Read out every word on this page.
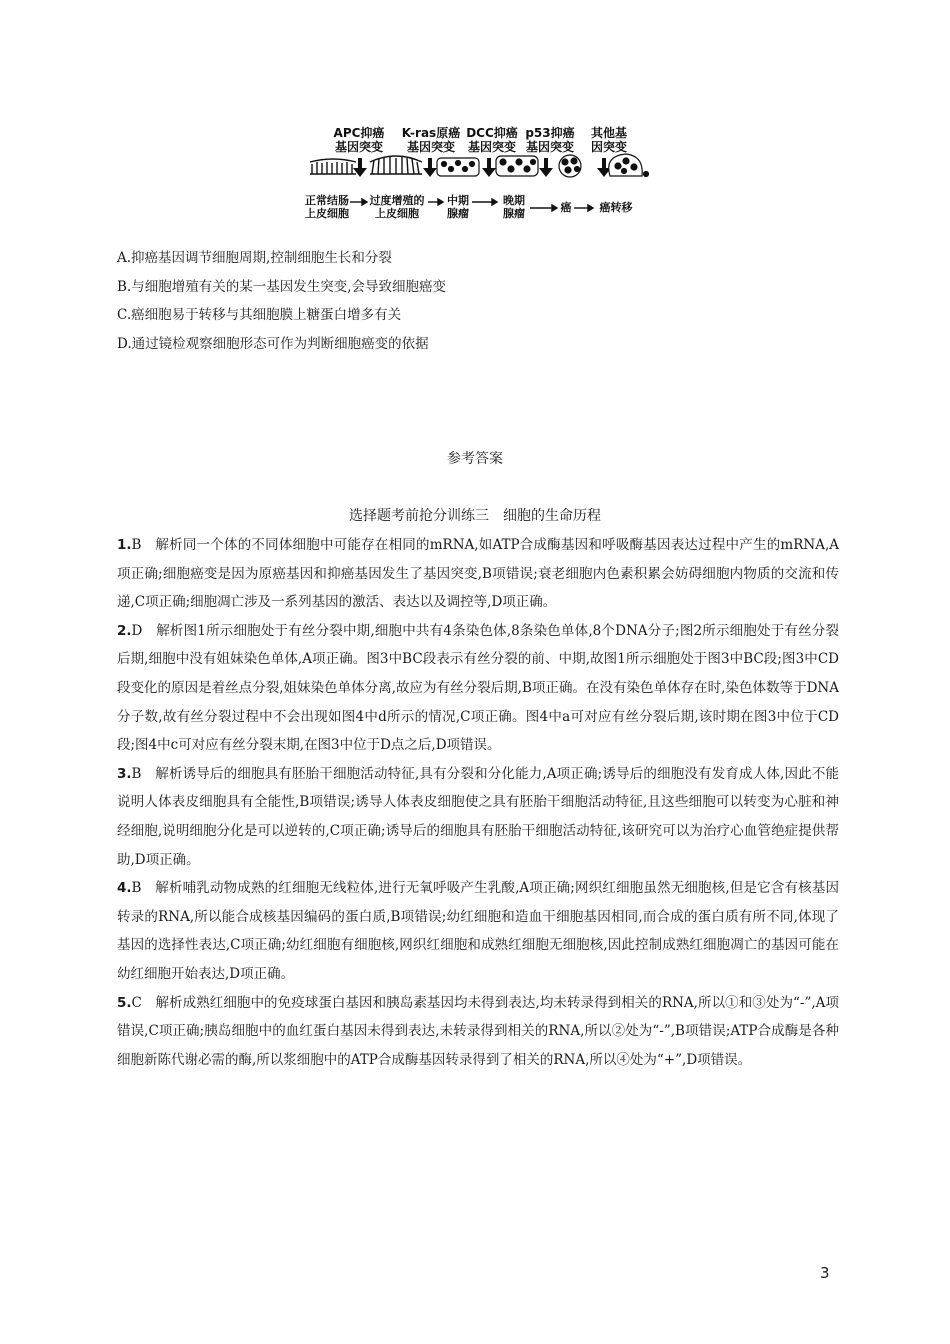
APC抑癌
基因突变
K-ras原癌
基因突变
DCC抑癌
基因突变
p53抑癌
基因突变
其他基
因突变
正常结肠
上皮细胞
过度增殖的
上皮细胞
中期
腺瘤
晚期
腺瘤	癌	癌转移
A.抑癌基因调节细胞周期,控制细胞生长和分裂
B.与细胞增殖有关的某一基因发生突变,会导致细胞癌变
C.癌细胞易于转移与其细胞膜上糖蛋白增多有关
D.通过镜检观察细胞形态可作为判断细胞癌变的依据
参考答案
选择题考前抢分训练三　细胞的生命历程

1.B　解析同一个体的不同体细胞中可能存在相同的mRNA,如ATP合成酶基因和呼吸酶基因表达过程中产生的mRNA,A项正确;细胞癌变是因为原癌基因和抑癌基因发生了基因突变,B项错误;衰老细胞内色素积累会妨碍细胞内物质的交流和传递,C项正确;细胞凋亡涉及一系列基因的激活、表达以及调控等,D项正确。

2.D　解析图1所示细胞处于有丝分裂中期,细胞中共有4条染色体,8条染色单体,8个DNA分子;图2所示细胞处于有丝分裂后期,细胞中没有姐妹染色单体,A项正确。图3中BC段表示有丝分裂的前、中期,故图1所示细胞处于图3中BC段;图3中CD段变化的原因是着丝点分裂,姐妹染色单体分离,故应为有丝分裂后期,B项正确。在没有染色单体存在时,染色体数等于DNA分子数,故有丝分裂过程中不会出现如图4中d所示的情况,C项正确。图4中a可对应有丝分裂后期,该时期在图3中位于CD段;图4中c可对应有丝分裂末期,在图3中位于D点之后,D项错误。

3.B　解析诱导后的细胞具有胚胎干细胞活动特征,具有分裂和分化能力,A项正确;诱导后的细胞没有发育成人体,因此不能说明人体表皮细胞具有全能性,B项错误;诱导人体表皮细胞使之具有胚胎干细胞活动特征,且这些细胞可以转变为心脏和神经细胞,说明细胞分化是可以逆转的,C项正确;诱导后的细胞具有胚胎干细胞活动特征,该研究可以为治疗心血管绝症提供帮助,D项正确。

4.B　解析哺乳动物成熟的红细胞无线粒体,进行无氧呼吸产生乳酸,A项正确;网织红细胞虽然无细胞核,但是它含有核基因转录的RNA,所以能合成核基因编码的蛋白质,B项错误;幼红细胞和造血干细胞基因相同,而合成的蛋白质有所不同,体现了基因的选择性表达,C项正确;幼红细胞有细胞核,网织红细胞和成熟红细胞无细胞核,因此控制成熟红细胞凋亡的基因可能在幼红细胞开始表达,D项正确。

5.C　解析成熟红细胞中的免疫球蛋白基因和胰岛素基因均未得到表达,均未转录得到相关的RNA,所以①和③处为“-”,A项错误,C项正确;胰岛细胞中的血红蛋白基因未得到表达,未转录得到相关的RNA,所以②处为“-”,B项错误;ATP合成酶是各种细胞新陈代谢必需的酶,所以浆细胞中的ATP合成酶基因转录得到了相关的RNA,所以④处为“+”,D项错误。

3
